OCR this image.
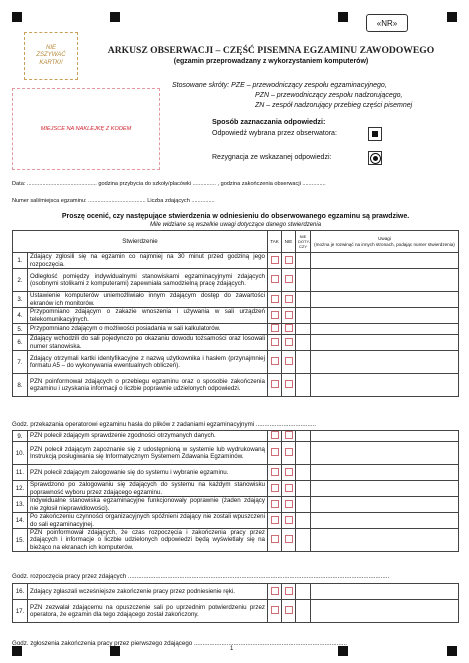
«NR»
NIE
ZSZYWAĆ
KARTKI!
MIEJSCE NA NAKLEJKĘ Z KODEM
ARKUSZ OBSERWACJI – CZĘŚĆ PISEMNA EGZAMINU ZAWODOWEGO
(egzamin przeprowadzany z wykorzystaniem komputerów)
Stosowane skróty: PZE – przewodniczący zespołu egzaminacyjnego,
PZN – przewodniczący zespołu nadzorującego,
ZN – zespół nadzorujący przebieg części pisemnej
Sposób zaznaczania odpowiedzi:
Odpowiedź wybrana przez obserwatora:
Rezygnacja ze wskazanej odpowiedzi:
Data: ............................................. godzina przybycia do szkoły/placówki ............... , godzina zakończenia obserwacji ...............
Numer sali/miejsca egzaminu: ..................................... Liczba zdających ...............
Proszę ocenić, czy następujące stwierdzenia w odniesieniu do obserwowanego egzaminu są prawdziwe.
Mile widziane są wszelkie uwagi dotyczące danego stwierdzenia
Stwierdzenie		TAK	NIE	NIE DOTY-CZY	Uwagi
(można je rozwinąć na innych stronach, podając numer stwierdzenia)

1.	Zdający zgłosili się na egzamin co najmniej na 30 minut przed godziną jego rozpoczęcia.				
2.	Odległość pomiędzy indywidualnymi stanowiskami egzaminacyjnymi zdających (osobnymi stolikami z komputerami) zapewniała samodzielną pracę zdających.				
3.	Ustawienie komputerów uniemożliwiało innym zdającym dostęp do zawartości ekranów ich monitorów.				
4.	Przypomniano zdającym o zakazie wnoszenia i używania w sali urządzeń telekomunikacyjnych.				
5.	Przypomniano zdającym o możliwości posiadania w sali kalkulatorów.				
6.	Zdający wchodzili do sali pojedynczo po okazaniu dowodu tożsamości oraz losowali numer stanowiska.				
7.	Zdający otrzymali kartki identyfikacyjne z nazwą użytkownika i hasłem (przynajmniej formatu A5 – do wykonywania ewentualnych obliczeń).				
8.	PZN poinformował zdających o przebiegu egzaminu oraz o sposobie zakończenia egzaminu i uzyskania informacji o liczbie poprawnie udzielonych odpowiedzi.				
Godz. przekazania operatorowi egzaminu hasła do plików z zadaniami egzaminacyjnymi ...................................
9.	PZN polecił zdającym sprawdzenie zgodności otrzymanych danych.				
10.	PZN polecił zdającym zapoznanie się z udostępnioną w systemie lub wydrukowaną Instrukcją posługiwania się Informatycznym Systemem Zdawania Egzaminów.				
11.	PZN polecił zdającym zalogowanie się do systemu i wybranie egzaminu.				
12.	Sprawdzono po zalogowaniu się zdających do systemu na każdym stanowisku poprawność wyboru przez zdającego egzaminu.				
13.	Indywidualne stanowiska egzaminacyjne funkcjonowały poprawnie (żaden zdający nie zgłosił nieprawidłowości).				
14.	Po zakończeniu czynności organizacyjnych spóźnieni zdający nie zostali wpuszczeni do sali egzaminacyjnej.				
15.	PZN poinformował zdających, że czas rozpoczęcia i zakończenia pracy przez zdających i informacje o liczbie udzielonych odpowiedzi będą wyświetlały się na bieżąco na ekranach ich komputerów.				
Godz. rozpoczęcia pracy przez zdających ........................................................................................................................................................
16.	Zdający zgłaszali wcześniejsze zakończenie pracy przez podniesienie ręki.				
17.	PZN zezwalał zdającemu na opuszczenie sali po uprzednim potwierdzeniu przez operatora, że egzamin dla tego zdającego został zakończony.				
Godz. zgłoszenia zakończenia pracy przez pierwszego zdającego .........................................................................................
1
